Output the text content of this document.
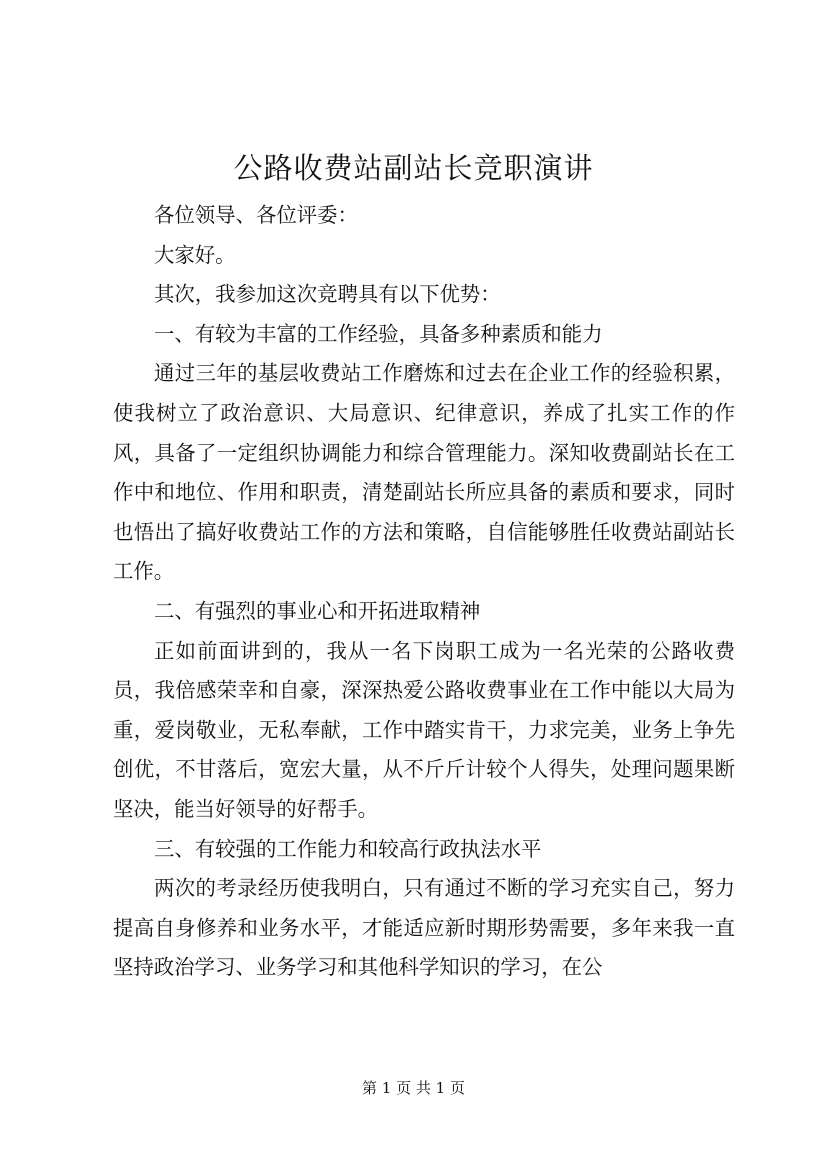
公路收费站副站长竞职演讲

各位领导、各位评委：

大家好。

其次，我参加这次竞聘具有以下优势：

一、有较为丰富的工作经验，具备多种素质和能力

通过三年的基层收费站工作磨炼和过去在企业工作的经验积累，使我树立了政治意识、大局意识、纪律意识，养成了扎实工作的作风，具备了一定组织协调能力和综合管理能力。深知收费副站长在工作中和地位、作用和职责，清楚副站长所应具备的素质和要求，同时也悟出了搞好收费站工作的方法和策略，自信能够胜任收费站副站长工作。

二、有强烈的事业心和开拓进取精神

正如前面讲到的，我从一名下岗职工成为一名光荣的公路收费员，我倍感荣幸和自豪，深深热爱公路收费事业在工作中能以大局为重，爱岗敬业，无私奉献，工作中踏实肯干，力求完美，业务上争先创优，不甘落后，宽宏大量，从不斤斤计较个人得失，处理问题果断坚决，能当好领导的好帮手。

三、有较强的工作能力和较高行政执法水平

两次的考录经历使我明白，只有通过不断的学习充实自己，努力提高自身修养和业务水平，才能适应新时期形势需要，多年来我一直坚持政治学习、业务学习和其他科学知识的学习，在公

第 1 页 共 1 页
